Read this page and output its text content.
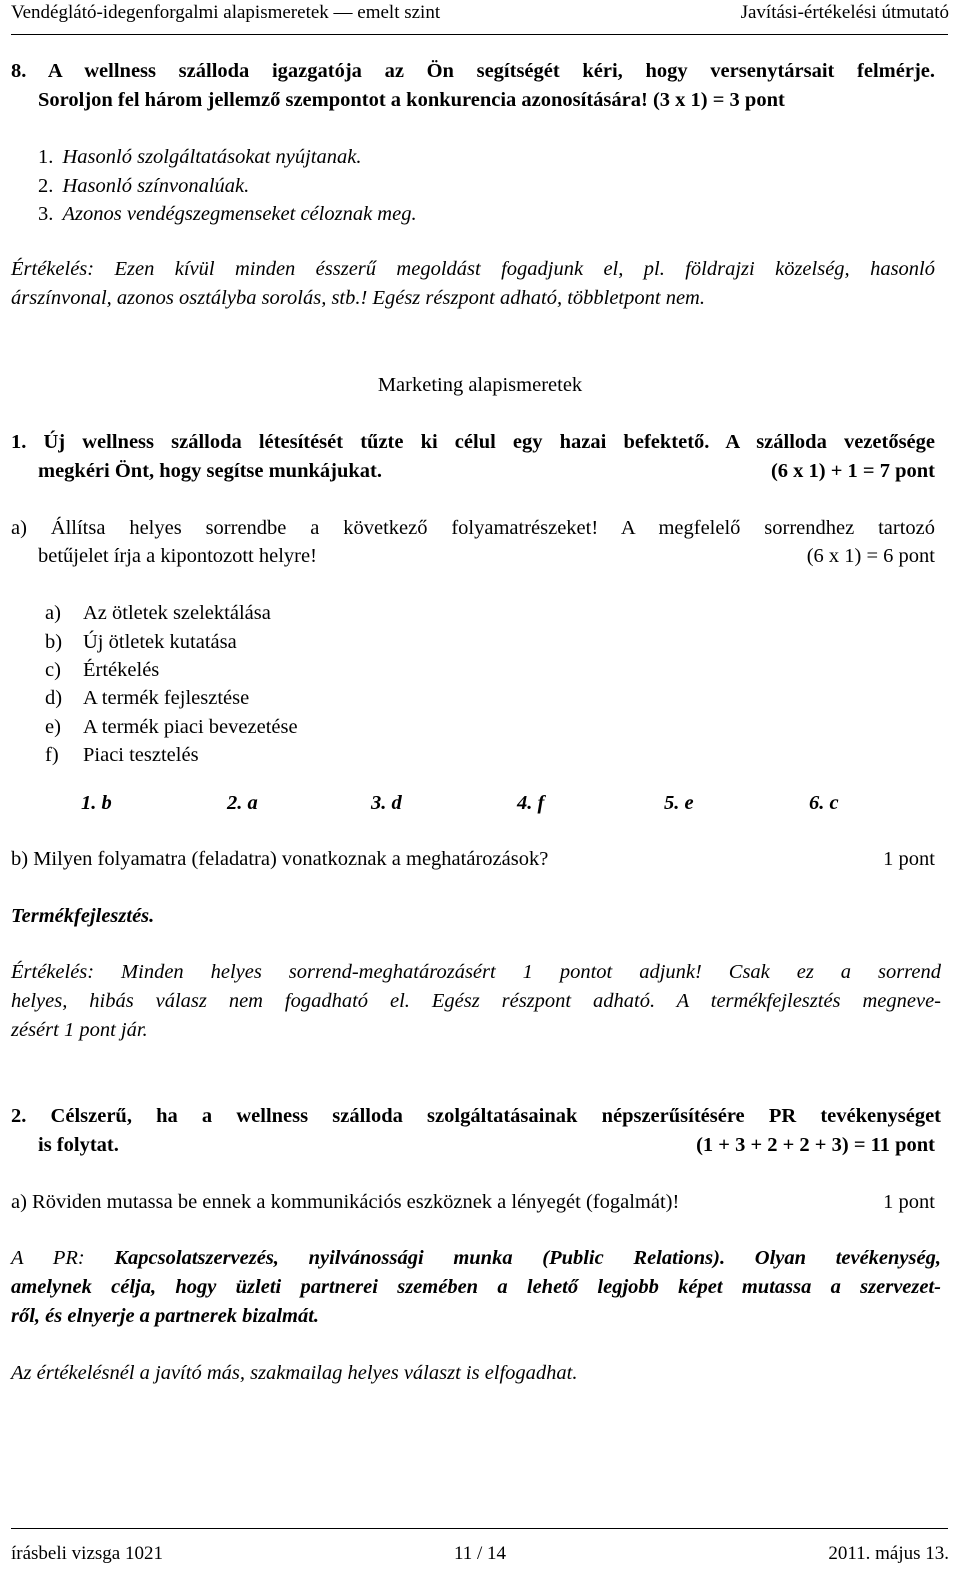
Vendéglátó-idegenforgalmi alapismeretek — emelt szint	Javítási-értékelési útmutató
8. A wellness szálloda igazgatója az Ön segítségét kéri, hogy versenytársait felmérje.
Soroljon fel három jellemző szempontot a konkurencia azonosítására! (3 x 1) = 3 pont
1. Hasonló szolgáltatásokat nyújtanak.
2. Hasonló színvonalúak.
3. Azonos vendégszegmenseket céloznak meg.
Értékelés: Ezen kívül minden ésszerű megoldást fogadjunk el, pl. földrajzi közelség, hasonló
árszínvonal, azonos osztályba sorolás, stb.! Egész részpont adható, többletpont nem.
Marketing alapismeretek
1. Új wellness szálloda létesítését tűzte ki célul egy hazai befektető. A szálloda vezetősége
megkéri Önt, hogy segítse munkájukat.	(6 x 1) + 1 = 7 pont
a) Állítsa helyes sorrendbe a következő folyamatrészeket! A megfelelő sorrendhez tartozó
betűjelet írja a kipontozott helyre!	(6 x 1) = 6 pont
a) Az ötletek szelektálása
b) Új ötletek kutatása
c) Értékelés
d) A termék fejlesztése
e) A termék piaci bevezetése
f) Piaci tesztelés
1. b	2. a	3. d	4. f	5. e	6. c
b) Milyen folyamatra (feladatra) vonatkoznak a meghatározások?	1 pont
Termékfejlesztés.
Értékelés: Minden helyes sorrend-meghatározásért 1 pontot adjunk! Csak ez a sorrend
helyes, hibás válasz nem fogadható el. Egész részpont adható. A termékfejlesztés megneve-
zésért 1 pont jár.
2. Célszerű, ha a wellness szálloda szolgáltatásainak népszerűsítésére PR tevékenységet
is folytat.	(1 + 3 + 2 + 2 + 3) = 11 pont
a) Röviden mutassa be ennek a kommunikációs eszköznek a lényegét (fogalmát)!	1 pont
A PR: Kapcsolatszervezés, nyilvánossági munka (Public Relations). Olyan tevékenység,
amelynek célja, hogy üzleti partnerei szemében a lehető legjobb képet mutassa a szervezet-
ről, és elnyerje a partnerek bizalmát.
Az értékelésnél a javító más, szakmailag helyes választ is elfogadhat.
írásbeli vizsga 1021	11 / 14	2011. május 13.
